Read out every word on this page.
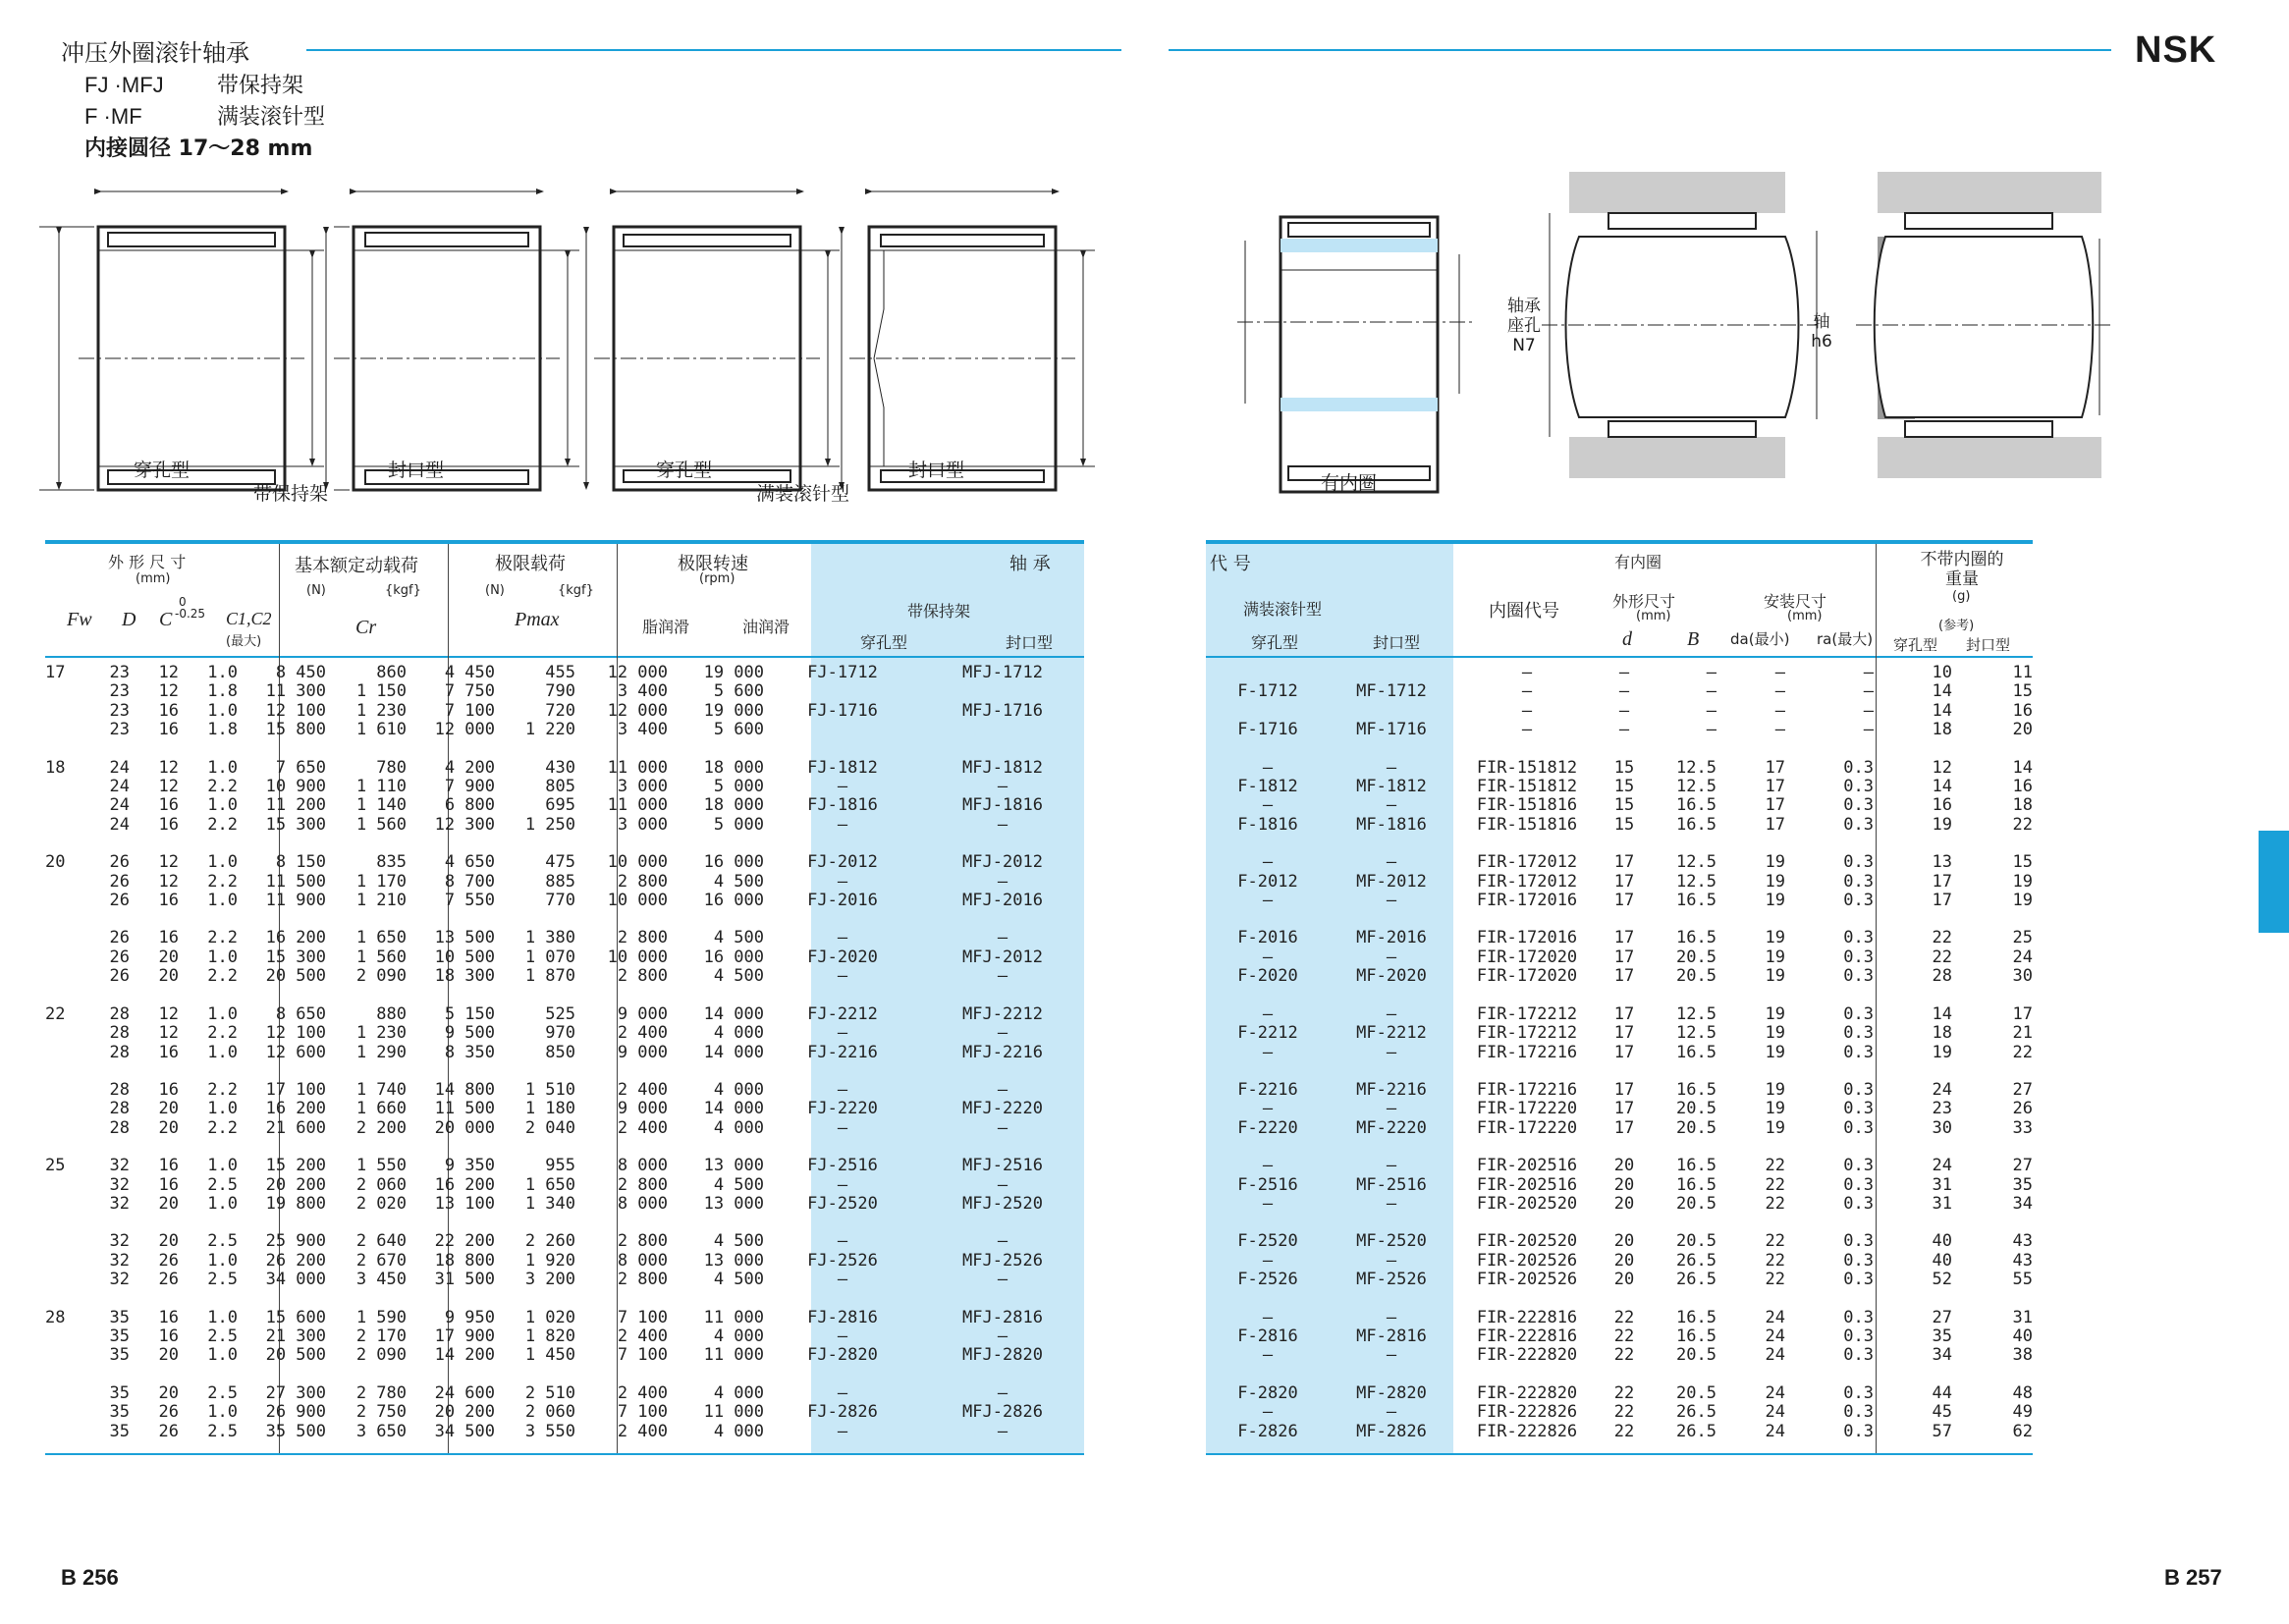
冲压外圈滚针轴承
FJ ·MFJ 带保持架
F ·MF	满装滚针型
内接圆径 17～28 mm
NSK
穿孔型	封口型	穿孔型	封口型
带保持架	满装滚针型	有内圈
轴承座孔N7
轴h6
外 形 尺 寸
(mm)
Fw D C
0
-0.25 C1,C2
(最大)
基本额定动载荷
(N)	{kgf}
Cr
极限载荷
(N)	{kgf}
Pmax
极限转速
(rpm)
脂润滑	油润滑
轴 承
带保持架
穿孔型	封口型
17	23	12	1.0	8 450	860	4 450	455	12 000	19 000	FJ-1712	MFJ-1712
	23	12	1.8	11 300	1 150	7 750	790	3 400	5 600		
	23	16	1.0	12 100	1 230	7 100	720	12 000	19 000	FJ-1716	MFJ-1716
	23	16	1.8	15 800	1 610	12 000	1 220	3 400	5 600		

18	24	12	1.0	7 650	780	4 200	430	11 000	18 000	FJ-1812	MFJ-1812
	24	12	2.2	10 900	1 110	7 900	805	3 000	5 000	—	—
	24	16	1.0	11 200	1 140	6 800	695	11 000	18 000	FJ-1816	MFJ-1816
	24	16	2.2	15 300	1 560	12 300	1 250	3 000	5 000	—	—

20	26	12	1.0	8 150	835	4 650	475	10 000	16 000	FJ-2012	MFJ-2012
	26	12	2.2	11 500	1 170	8 700	885	2 800	4 500	—	—
	26	16	1.0	11 900	1 210	7 550	770	10 000	16 000	FJ-2016	MFJ-2016

	26	16	2.2	16 200	1 650	13 500	1 380	2 800	4 500	—	—
	26	20	1.0	15 300	1 560	10 500	1 070	10 000	16 000	FJ-2020	MFJ-2012
	26	20	2.2	20 500	2 090	18 300	1 870	2 800	4 500	—	—

22	28	12	1.0	8 650	880	5 150	525	9 000	14 000	FJ-2212	MFJ-2212
	28	12	2.2	12 100	1 230	9 500	970	2 400	4 000	—	—
	28	16	1.0	12 600	1 290	8 350	850	9 000	14 000	FJ-2216	MFJ-2216

	28	16	2.2	17 100	1 740	14 800	1 510	2 400	4 000	—	—
	28	20	1.0	16 200	1 660	11 500	1 180	9 000	14 000	FJ-2220	MFJ-2220
	28	20	2.2	21 600	2 200	20 000	2 040	2 400	4 000	—	—

25	32	16	1.0	15 200	1 550	9 350	955	8 000	13 000	FJ-2516	MFJ-2516
	32	16	2.5	20 200	2 060	16 200	1 650	2 800	4 500	—	—
	32	20	1.0	19 800	2 020	13 100	1 340	8 000	13 000	FJ-2520	MFJ-2520

	32	20	2.5	25 900	2 640	22 200	2 260	2 800	4 500	—	—
	32	26	1.0	26 200	2 670	18 800	1 920	8 000	13 000	FJ-2526	MFJ-2526
	32	26	2.5	34 000	3 450	31 500	3 200	2 800	4 500	—	—

28	35	16	1.0	15 600	1 590	9 950	1 020	7 100	11 000	FJ-2816	MFJ-2816
	35	16	2.5	21 300	2 170	17 900	1 820	2 400	4 000	—	—
	35	20	1.0	20 500	2 090	14 200	1 450	7 100	11 000	FJ-2820	MFJ-2820

	35	20	2.5	27 300	2 780	24 600	2 510	2 400	4 000	—	—
	35	26	1.0	26 900	2 750	20 200	2 060	7 100	11 000	FJ-2826	MFJ-2826
	35	26	2.5	35 500	3 650	34 500	3 550	2 400	4 000	—	—
代 号
满装滚针型
穿孔型	封口型
有内圈
内圈代号	外形尺寸
(mm)
安装尺寸
(mm)
d	B da(最小) ra(最大)
不带内圈的重量
(g)
(参考)
穿孔型 封口型
		—	—	—	—	—	10	11
F-1712	MF-1712	—	—	—	—	—	14	15
		—	—	—	—	—	14	16
F-1716	MF-1716	—	—	—	—	—	18	20

—	—	FIR-151812	15	12.5	17	0.3	12	14
F-1812	MF-1812	FIR-151812	15	12.5	17	0.3	14	16
—	—	FIR-151816	15	16.5	17	0.3	16	18
F-1816	MF-1816	FIR-151816	15	16.5	17	0.3	19	22

—	—	FIR-172012	17	12.5	19	0.3	13	15
F-2012	MF-2012	FIR-172012	17	12.5	19	0.3	17	19
—	—	FIR-172016	17	16.5	19	0.3	17	19

F-2016	MF-2016	FIR-172016	17	16.5	19	0.3	22	25
—	—	FIR-172020	17	20.5	19	0.3	22	24
F-2020	MF-2020	FIR-172020	17	20.5	19	0.3	28	30

—	—	FIR-172212	17	12.5	19	0.3	14	17
F-2212	MF-2212	FIR-172212	17	12.5	19	0.3	18	21
—	—	FIR-172216	17	16.5	19	0.3	19	22

F-2216	MF-2216	FIR-172216	17	16.5	19	0.3	24	27
—	—	FIR-172220	17	20.5	19	0.3	23	26
F-2220	MF-2220	FIR-172220	17	20.5	19	0.3	30	33

—	—	FIR-202516	20	16.5	22	0.3	24	27
F-2516	MF-2516	FIR-202516	20	16.5	22	0.3	31	35
—	—	FIR-202520	20	20.5	22	0.3	31	34

F-2520	MF-2520	FIR-202520	20	20.5	22	0.3	40	43
—	—	FIR-202526	20	26.5	22	0.3	40	43
F-2526	MF-2526	FIR-202526	20	26.5	22	0.3	52	55

—	—	FIR-222816	22	16.5	24	0.3	27	31
F-2816	MF-2816	FIR-222816	22	16.5	24	0.3	35	40
—	—	FIR-222820	22	20.5	24	0.3	34	38

F-2820	MF-2820	FIR-222820	22	20.5	24	0.3	44	48
—	—	FIR-222826	22	26.5	24	0.3	45	49
F-2826	MF-2826	FIR-222826	22	26.5	24	0.3	57	62
B 256	B 257
